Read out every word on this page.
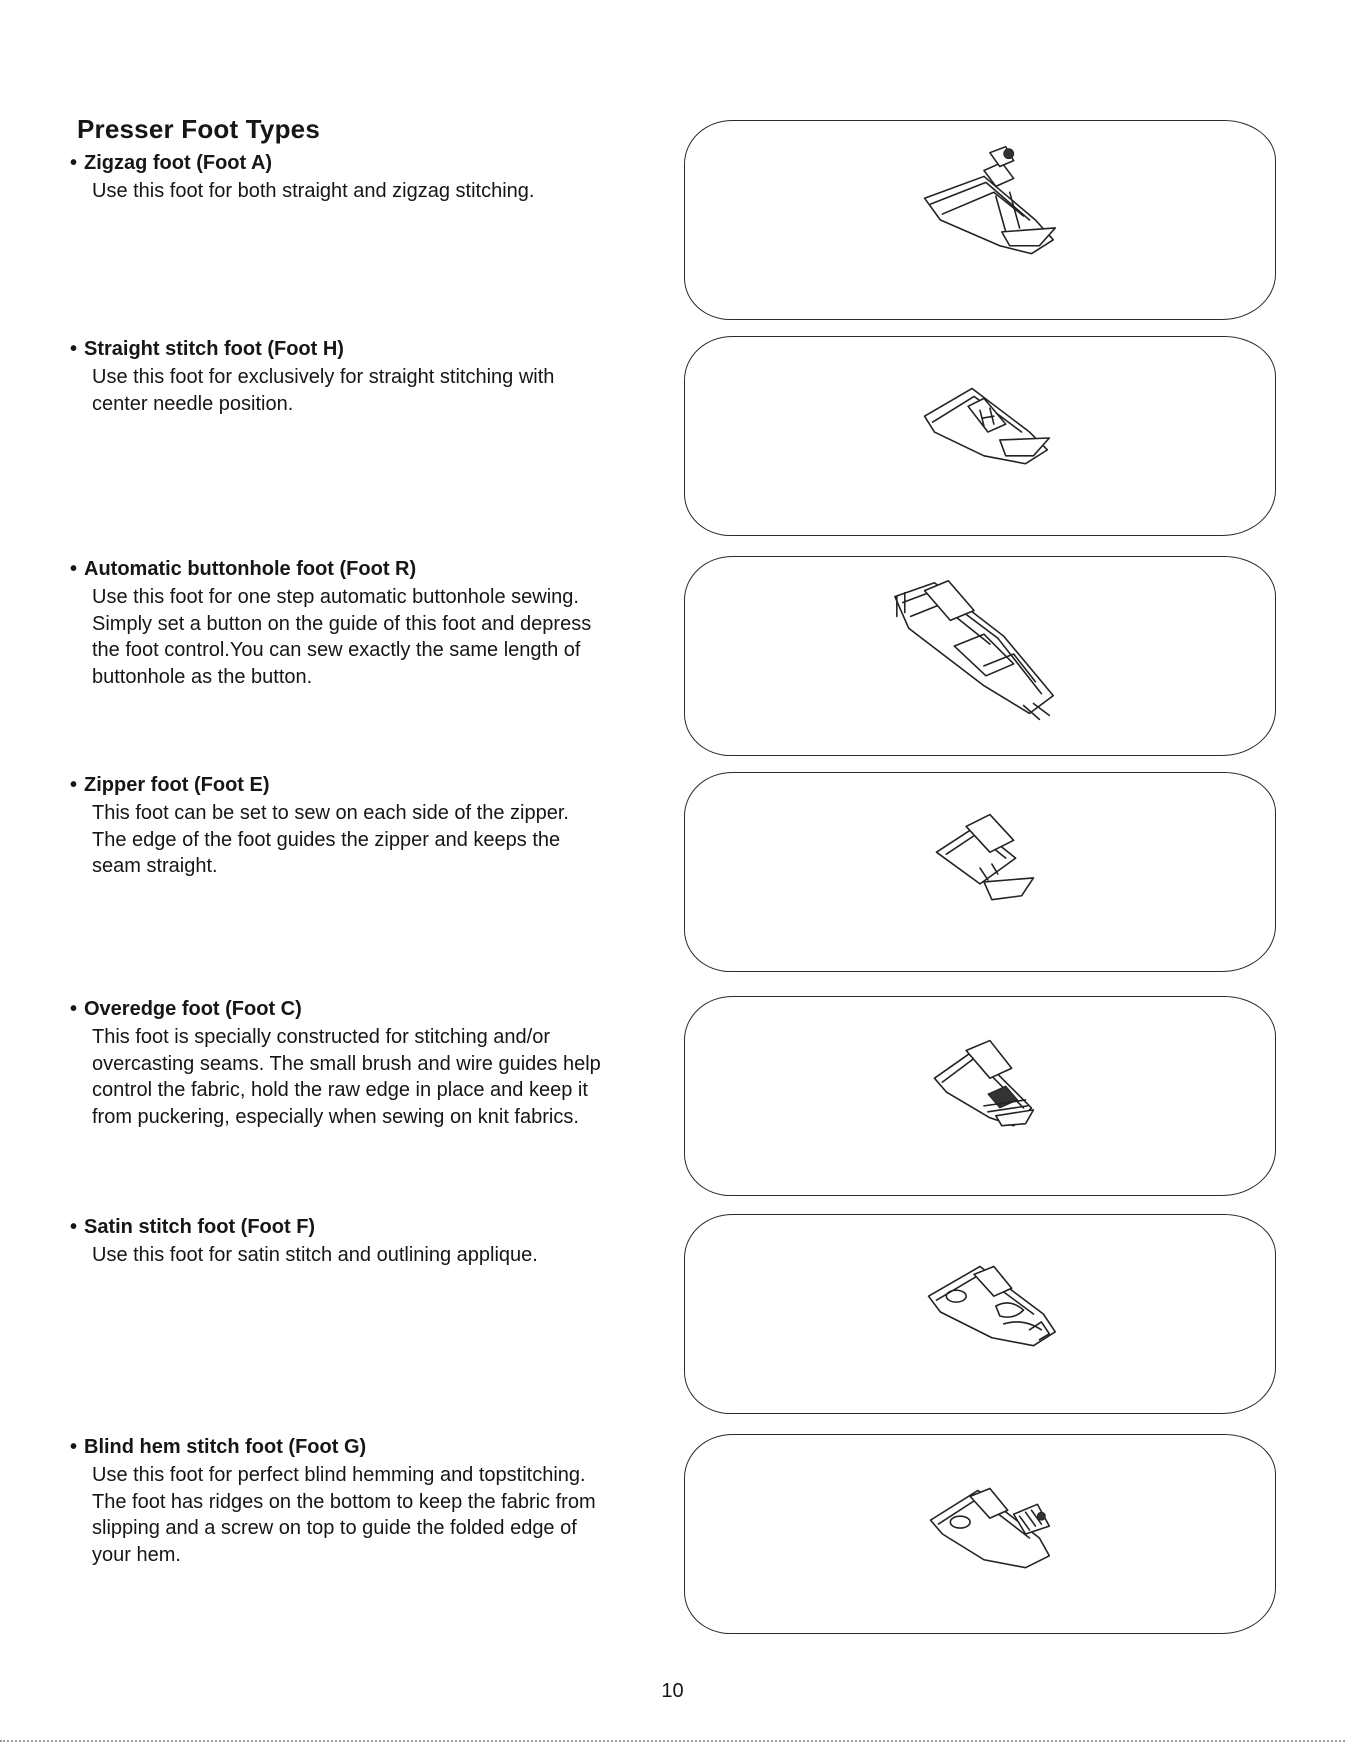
Presser Foot Types
• Zigzag foot (Foot A)
Use this foot for both straight and zigzag stitching.
• Straight stitch foot (Foot H)
Use this foot for exclusively for straight stitching with
center needle position.
• Automatic buttonhole foot (Foot R)
Use this foot for one step automatic buttonhole sewing.
Simply set a button on the guide of this foot and depress
the foot control.You can sew exactly the same length of
buttonhole as the button.
• Zipper foot (Foot E)
This foot can be set to sew on each side of the zipper.
The edge of the foot guides the zipper and keeps the
seam straight.
• Overedge foot (Foot C)
This foot is specially constructed for stitching and/or
overcasting seams. The small brush and wire guides help
control the fabric, hold the raw edge in place and keep it
from puckering, especially when sewing on knit fabrics.
• Satin stitch foot (Foot F)
Use this foot for satin stitch and outlining applique.
• Blind hem stitch foot (Foot G)
Use this foot for perfect blind hemming and topstitching.
The foot has ridges on the bottom to keep the fabric from
slipping and a screw on top to guide the folded edge of
your hem.
10
